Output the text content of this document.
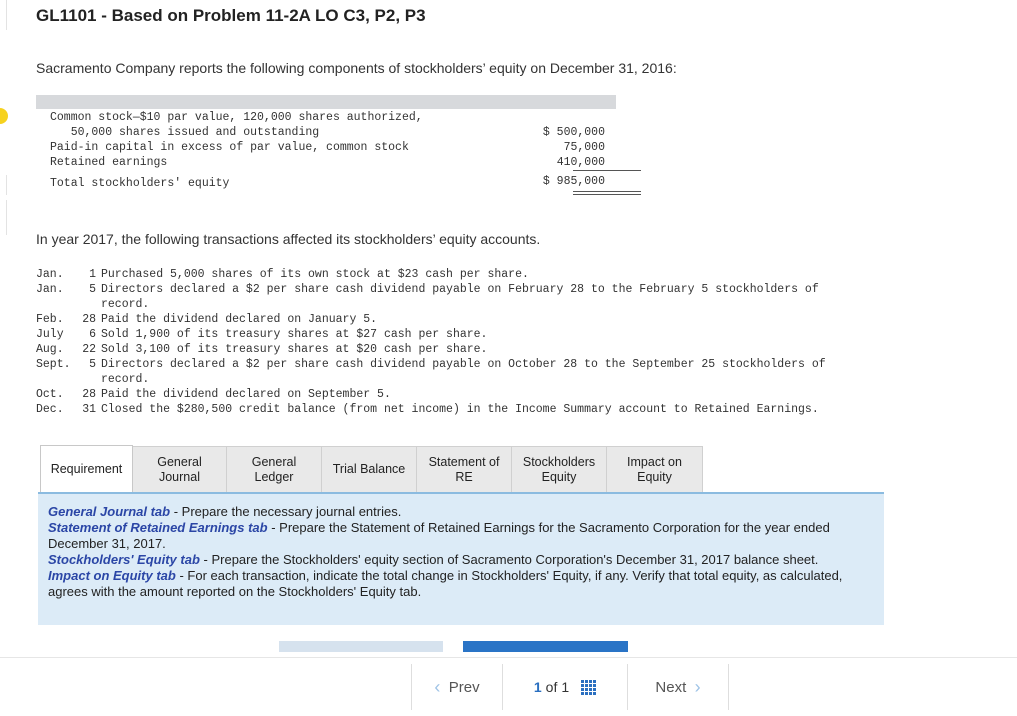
GL1101 - Based on Problem 11-2A LO C3, P2, P3
Sacramento Company reports the following components of stockholders’ equity on December 31, 2016:
Common stock—$10 par value, 120,000 shares authorized,
50,000 shares issued and outstanding	$ 500,000
Paid-in capital in excess of par value, common stock	75,000
Retained earnings	410,000
Total stockholders' equity	$ 985,000
In year 2017, the following transactions affected its stockholders’ equity accounts.
Jan. 1 Purchased 5,000 shares of its own stock at $23 cash per share.
Jan. 5 Directors declared a $2 per share cash dividend payable on February 28 to the February 5 stockholders of
record.
Feb. 28 Paid the dividend declared on January 5.
July 6 Sold 1,900 of its treasury shares at $27 cash per share.
Aug. 22 Sold 3,100 of its treasury shares at $20 cash per share.
Sept. 5 Directors declared a $2 per share cash dividend payable on October 28 to the September 25 stockholders of
record.
Oct. 28 Paid the dividend declared on September 5.
Dec. 31 Closed the $280,500 credit balance (from net income) in the Income Summary account to Retained Earnings.
Requirement	General
Journal
General
Ledger
Trial Balance
Statement of
RE
Stockholders
Equity
Impact on
Equity

General Journal tab - Prepare the necessary journal entries.

Statement of Retained Earnings tab - Prepare the Statement of Retained Earnings for the Sacramento Corporation for the year ended December 31, 2017.

Stockholders' Equity tab - Prepare the Stockholders' equity section of Sacramento Corporation's December 31, 2017 balance sheet.

Impact on Equity tab - For each transaction, indicate the total change in Stockholders' Equity, if any. Verify that total equity, as calculated, agrees with the amount reported on the Stockholders' Equity tab.

‹
Prev	1 of 1	Next
›
